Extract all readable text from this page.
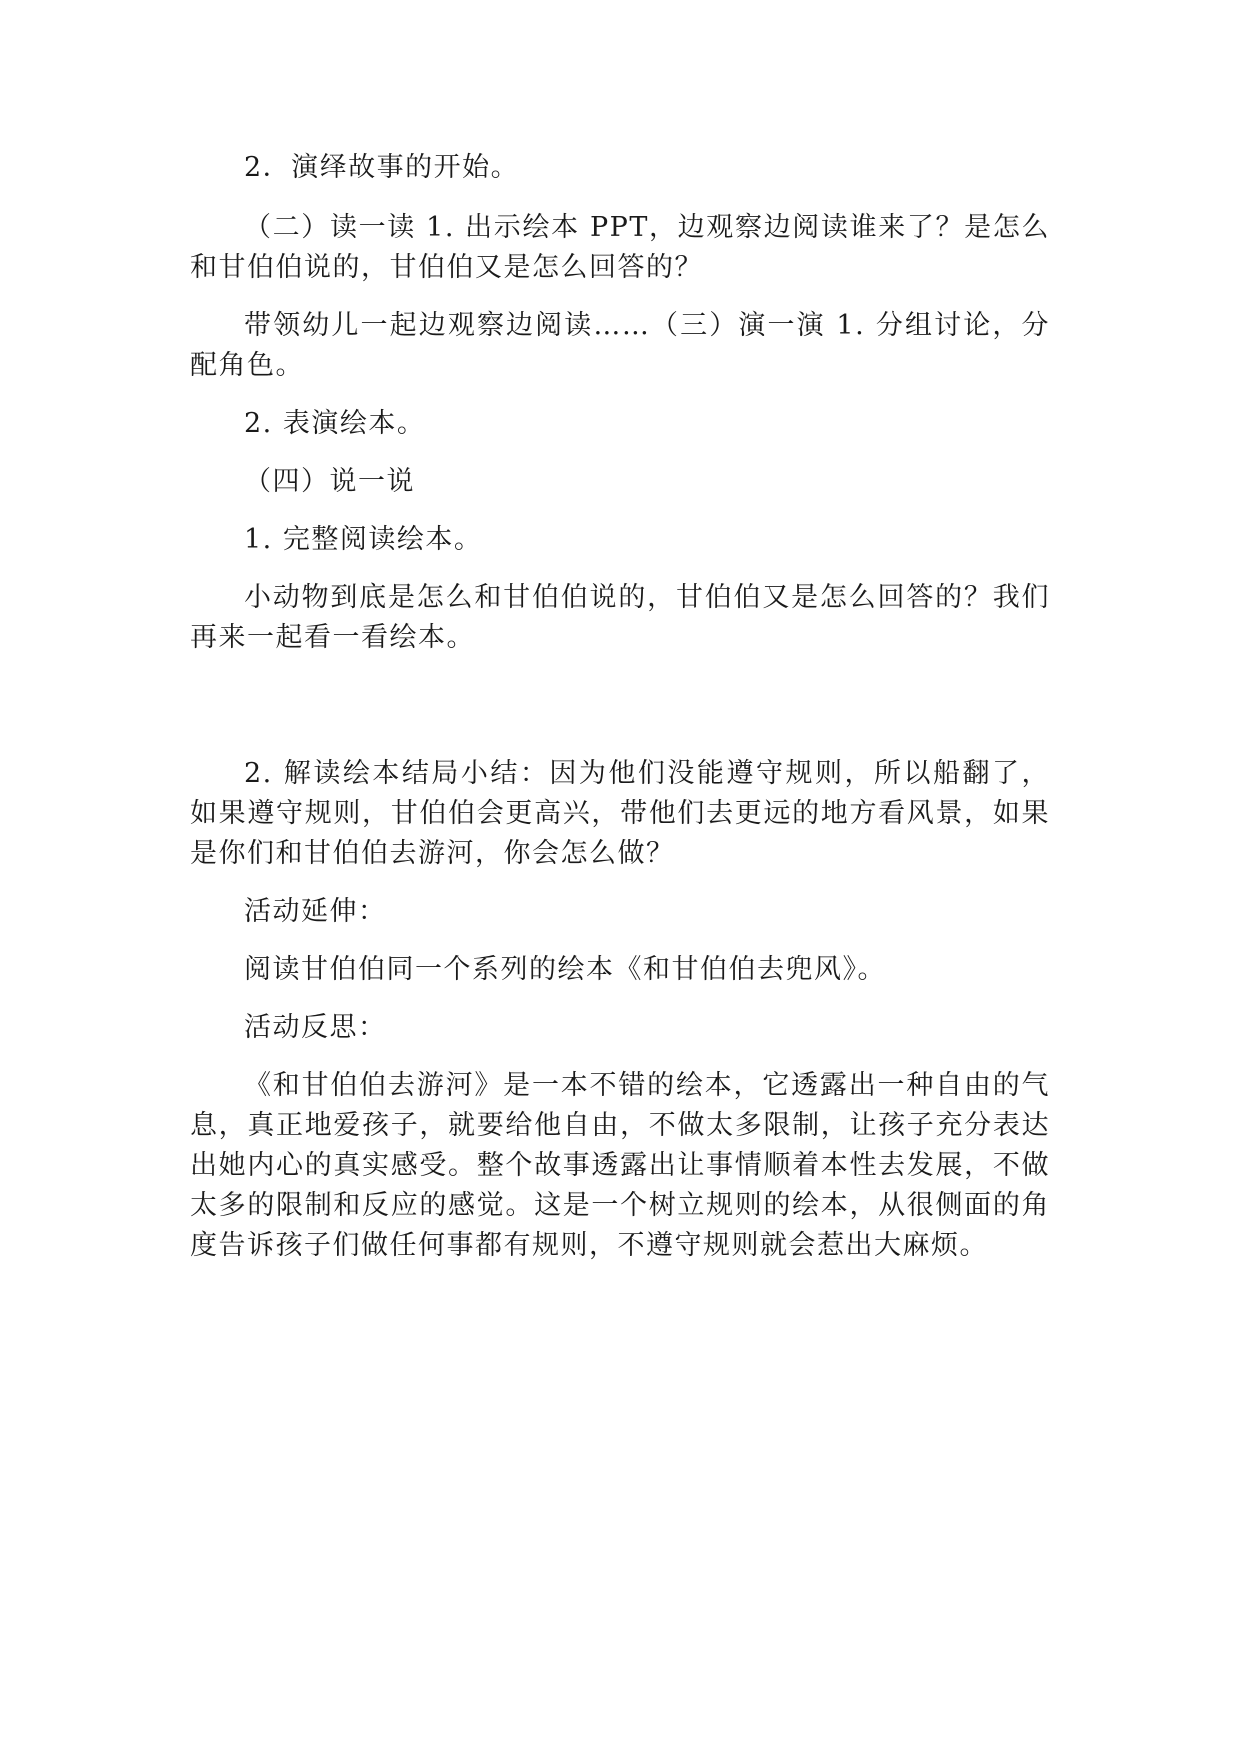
2．演绎故事的开始。

（二）读一读 1. 出示绘本 PPT，边观察边阅读谁来了？是怎么和甘伯伯说的，甘伯伯又是怎么回答的？

带领幼儿一起边观察边阅读……（三）演一演 1. 分组讨论，分配角色。

2. 表演绘本。

（四）说一说

1. 完整阅读绘本。

小动物到底是怎么和甘伯伯说的，甘伯伯又是怎么回答的？我们再来一起看一看绘本。

2. 解读绘本结局小结：因为他们没能遵守规则，所以船翻了，如果遵守规则，甘伯伯会更高兴，带他们去更远的地方看风景，如果是你们和甘伯伯去游河，你会怎么做？

活动延伸：

阅读甘伯伯同一个系列的绘本《和甘伯伯去兜风》。

活动反思：

《和甘伯伯去游河》是一本不错的绘本，它透露出一种自由的气息，真正地爱孩子，就要给他自由，不做太多限制，让孩子充分表达出她内心的真实感受。整个故事透露出让事情顺着本性去发展，不做太多的限制和反应的感觉。这是一个树立规则的绘本，从很侧面的角度告诉孩子们做任何事都有规则，不遵守规则就会惹出大麻烦。
